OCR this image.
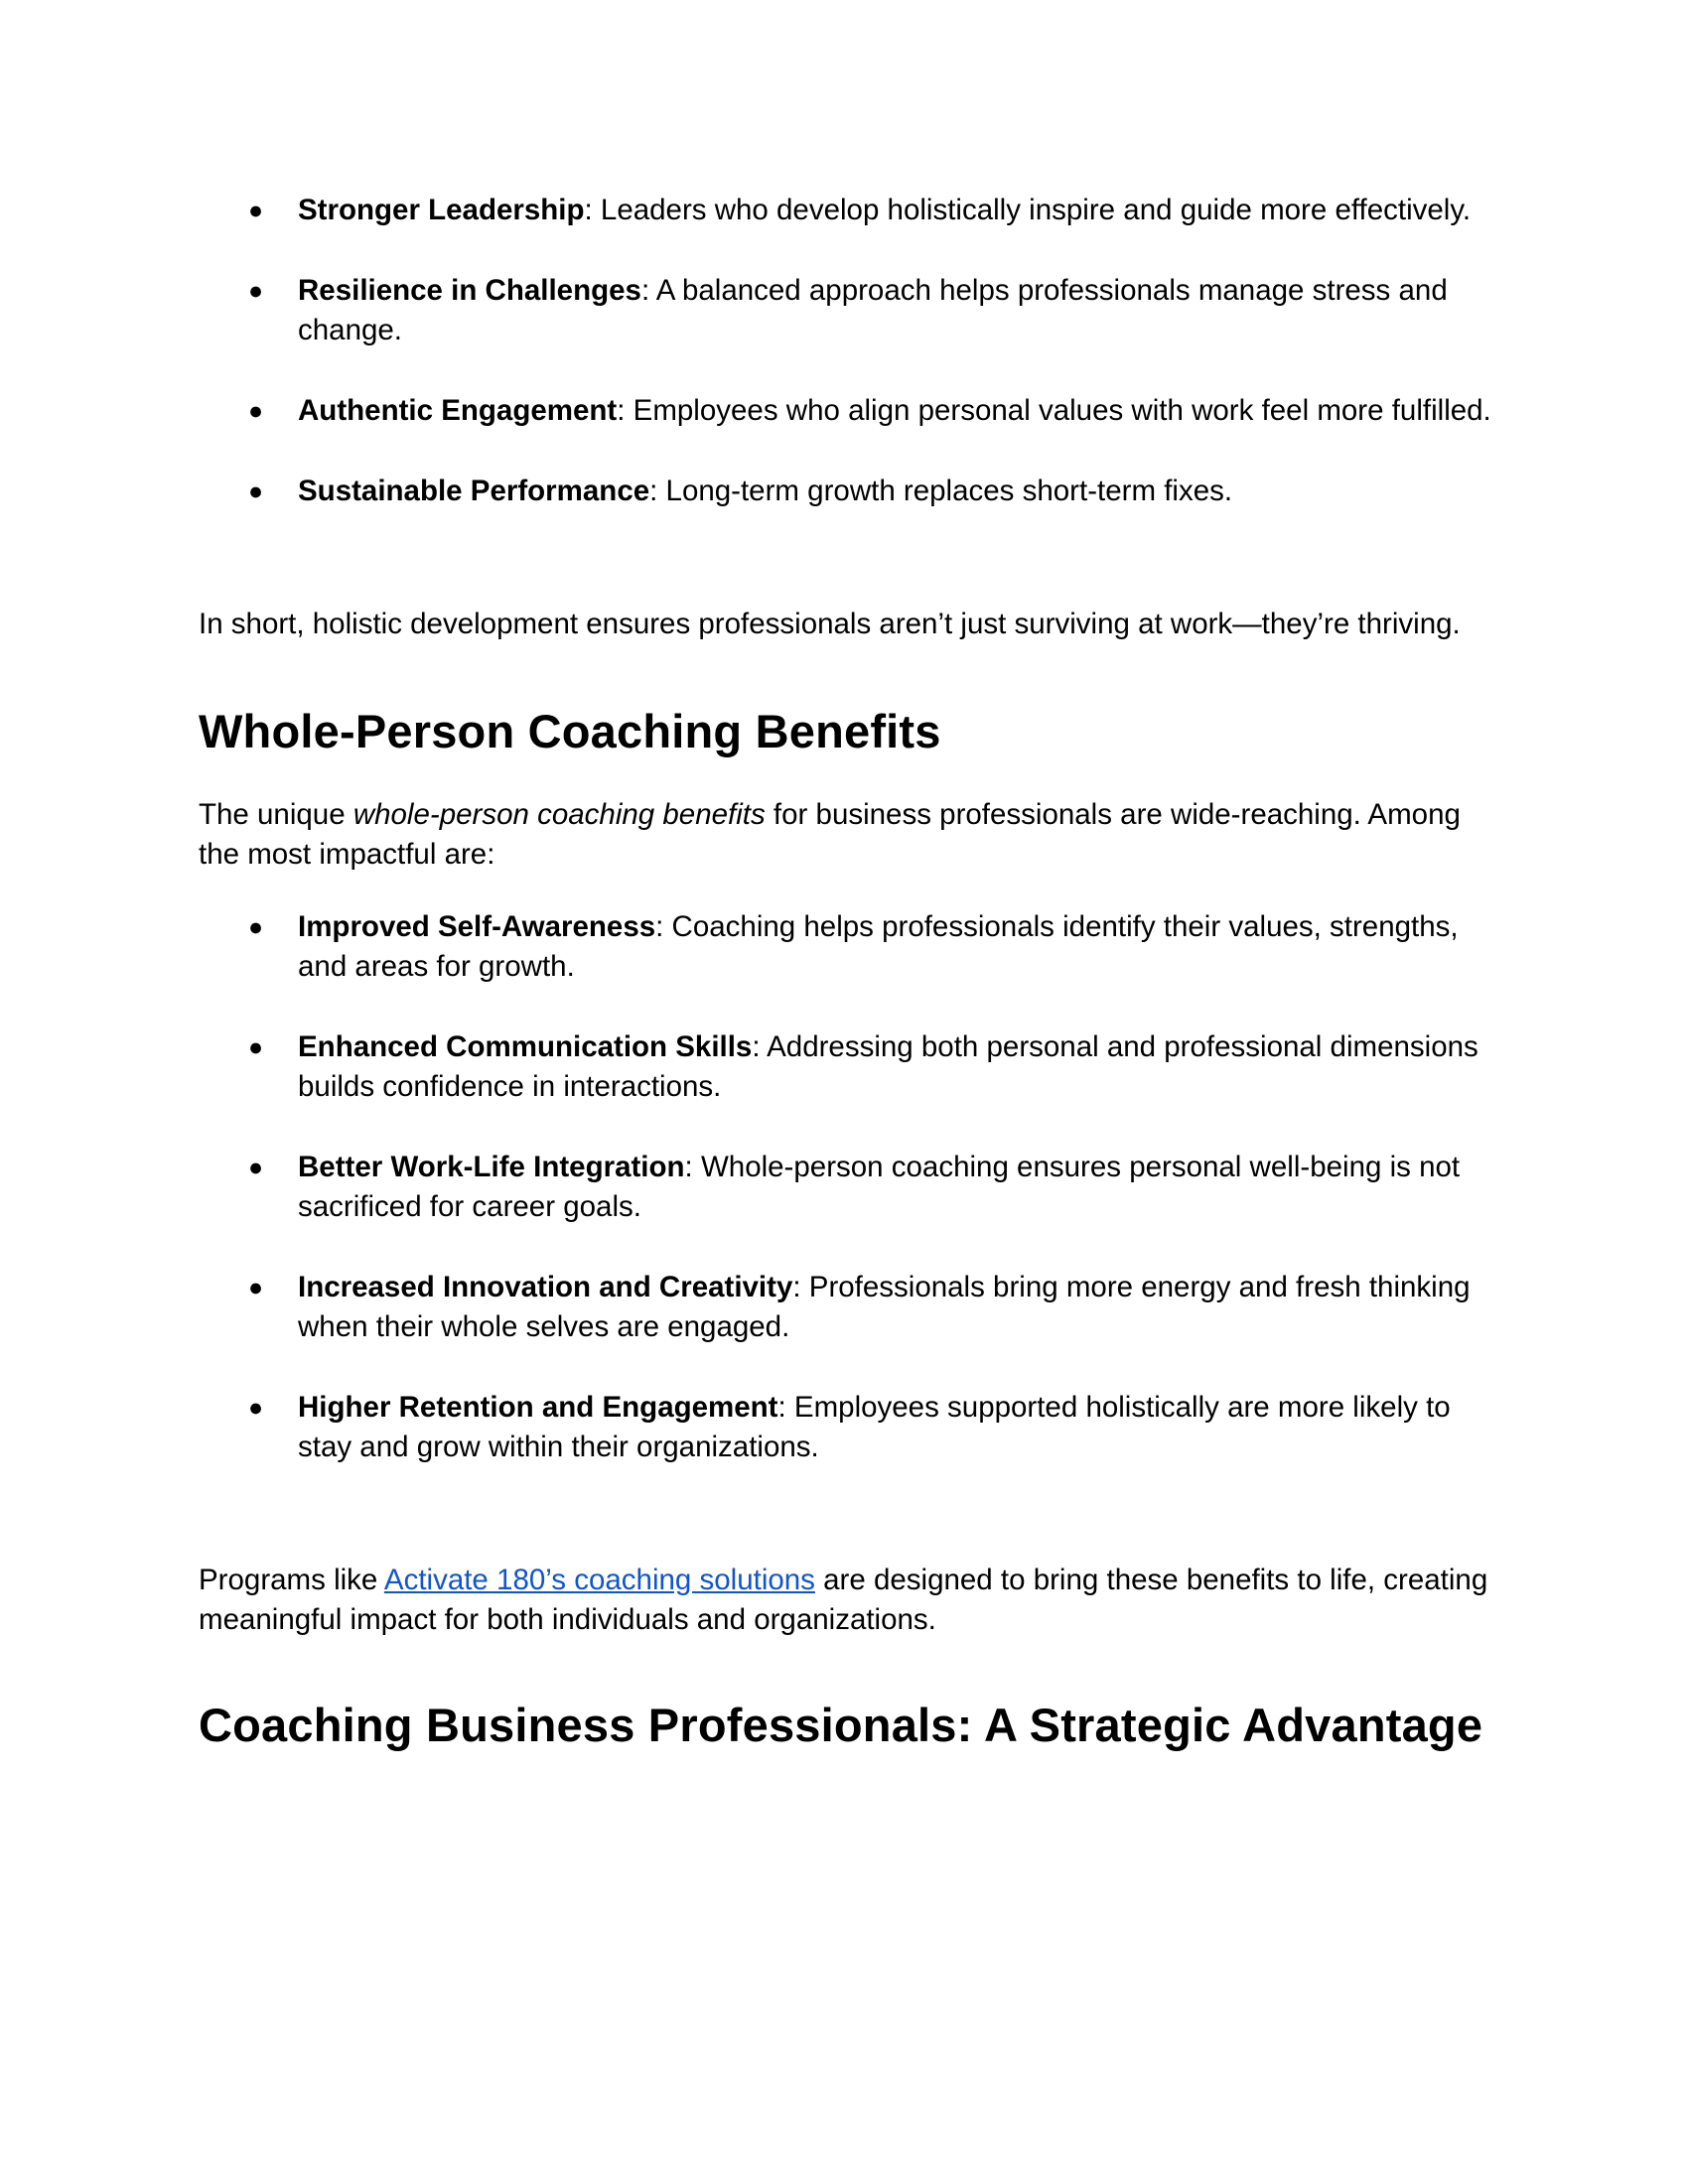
● Stronger Leadership: Leaders who develop holistically inspire and guide more effectively.
● Resilience in Challenges: A balanced approach helps professionals manage stress and change.
● Authentic Engagement: Employees who align personal values with work feel more fulfilled.
● Sustainable Performance: Long-term growth replaces short-term fixes.

In short, holistic development ensures professionals aren’t just surviving at work—they’re thriving.

Whole-Person Coaching Benefits

The unique whole-person coaching benefits for business professionals are wide-reaching. Among the most impactful are:

● Improved Self-Awareness: Coaching helps professionals identify their values, strengths, and areas for growth.
● Enhanced Communication Skills: Addressing both personal and professional dimensions builds confidence in interactions.
● Better Work-Life Integration: Whole-person coaching ensures personal well-being is not sacrificed for career goals.
● Increased Innovation and Creativity: Professionals bring more energy and fresh thinking when their whole selves are engaged.
● Higher Retention and Engagement: Employees supported holistically are more likely to stay and grow within their organizations.

Programs like Activate 180’s coaching solutions are designed to bring these benefits to life, creating meaningful impact for both individuals and organizations.

Coaching Business Professionals: A Strategic Advantage
